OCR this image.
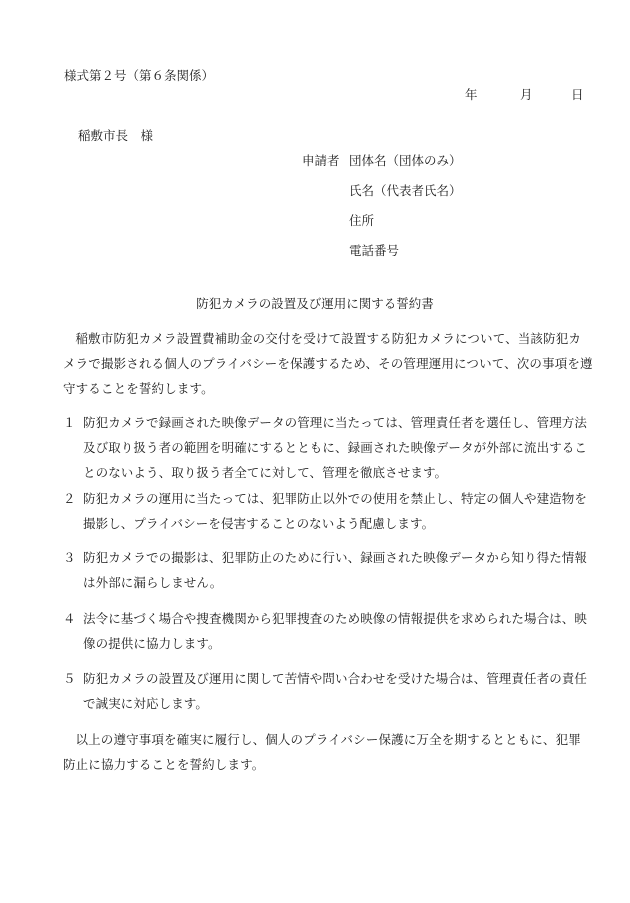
様式第２号（第６条関係）
年	月	日
稲敷市長　様
申請者 団体名（団体のみ）
氏名（代表者氏名）
住所
電話番号
防犯カメラの設置及び運用に関する誓約書
稲敷市防犯カメラ設置費補助金の交付を受けて設置する防犯カメラについて、当該防犯カメラで撮影される個人のプライバシーを保護するため、その管理運用について、次の事項を遵守することを誓約します。
１ 防犯カメラで録画された映像データの管理に当たっては、管理責任者を選任し、管理方法及び取り扱う者の範囲を明確にするとともに、録画された映像データが外部に流出することのないよう、取り扱う者全てに対して、管理を徹底させます。
２ 防犯カメラの運用に当たっては、犯罪防止以外での使用を禁止し、特定の個人や建造物を撮影し、プライバシーを侵害することのないよう配慮します。
３ 防犯カメラでの撮影は、犯罪防止のために行い、録画された映像データから知り得た情報は外部に漏らしません。
４ 法令に基づく場合や捜査機関から犯罪捜査のため映像の情報提供を求められた場合は、映像の提供に協力します。
５ 防犯カメラの設置及び運用に関して苦情や問い合わせを受けた場合は、管理責任者の責任で誠実に対応します。
以上の遵守事項を確実に履行し、個人のプライバシー保護に万全を期するとともに、犯罪防止に協力することを誓約します。
